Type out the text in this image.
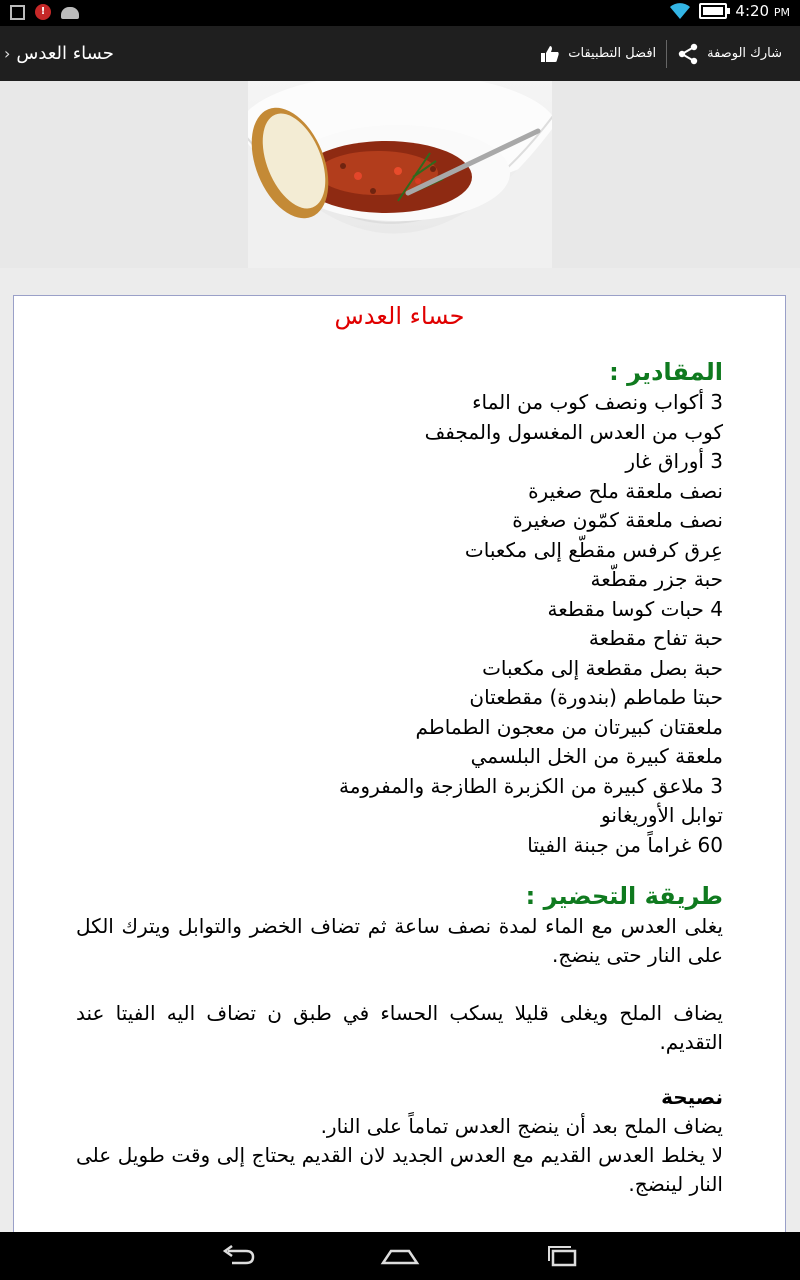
!	4:20 PM
› حساء العدس	افضل التطبيقات	شارك الوصفة
حساء العدس
المقادير :
3 أكواب ونصف كوب من الماء
كوب من العدس المغسول والمجفف
3 أوراق غار
نصف ملعقة ملح صغيرة
نصف ملعقة كمّون صغيرة
عِرق كرفس مقطّع إلى مكعبات
حبة جزر مقطّعة
4 حبات كوسا مقطعة
حبة تفاح مقطعة
حبة بصل مقطعة إلى مكعبات
حبتا طماطم (بندورة) مقطعتان
ملعقتان كبيرتان من معجون الطماطم
ملعقة كبيرة من الخل البلسمي
3 ملاعق كبيرة من الكزبرة الطازجة والمفرومة
توابل الأوريغانو
60 غراماً من جبنة الفيتا
طريقة التحضير :
يغلى العدس مع الماء لمدة نصف ساعة ثم تضاف الخضر والتوابل ويترك الكل على النار حتى ينضج.
يضاف الملح ويغلى قليلا يسكب الحساء في طبق ن تضاف اليه الفيتا عند التقديم.
نصيحة
يضاف الملح بعد أن ينضج العدس تماماً على النار.
لا يخلط العدس القديم مع العدس الجديد لان القديم يحتاج إلى وقت طويل على النار لينضج.
